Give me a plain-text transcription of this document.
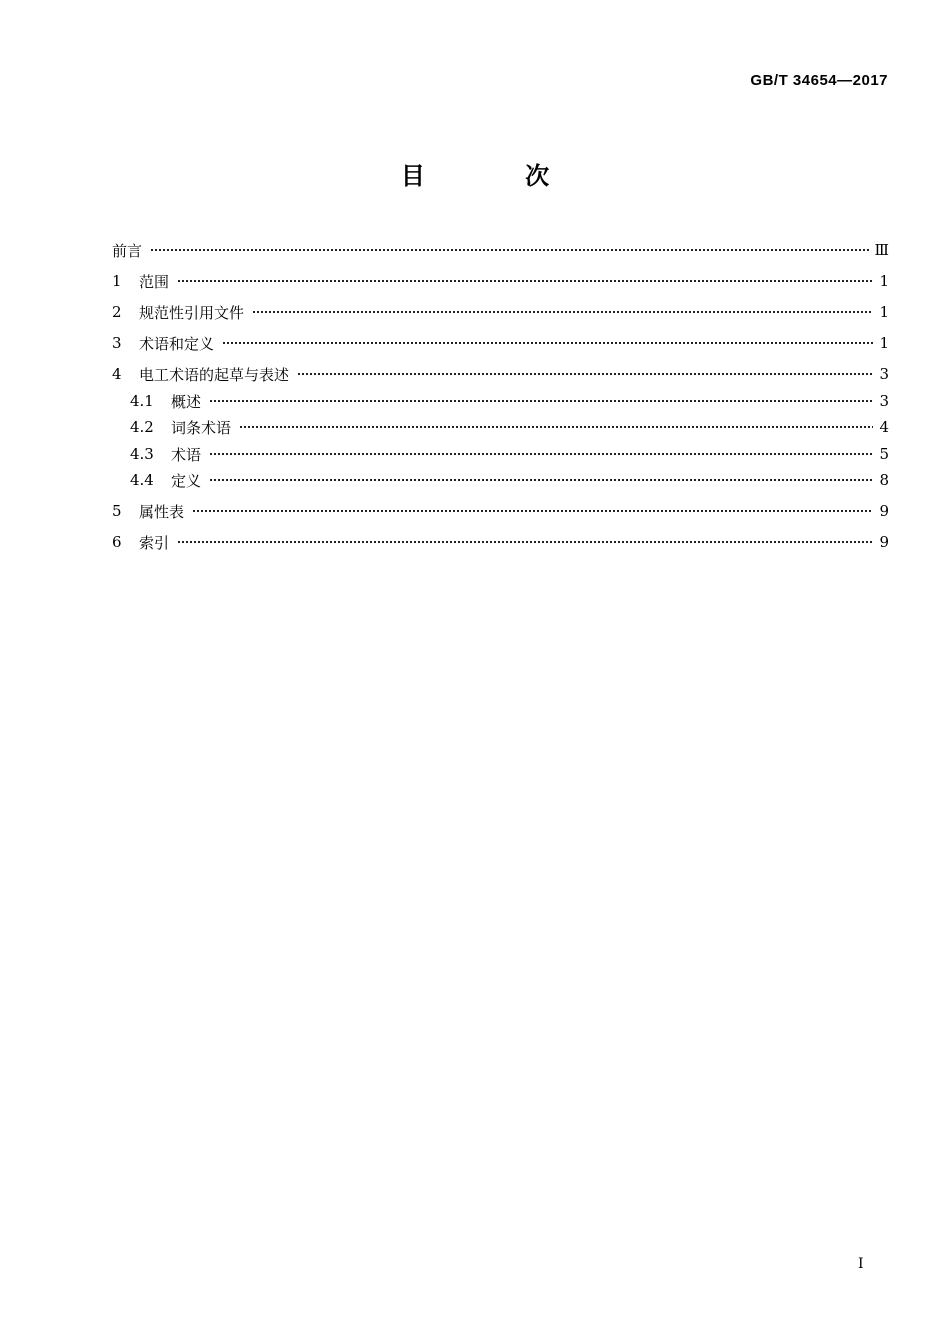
GB/T 34654—2017
目 次
前言	Ⅲ
1	范围	1
2	规范性引用文件	1
3	术语和定义	1
4	电工术语的起草与表述	3
4.1	概述	3
4.2	词条术语	4
4.3	术语	5
4.4	定义	8
5	属性表	9
6	索引	9
Ⅰ
